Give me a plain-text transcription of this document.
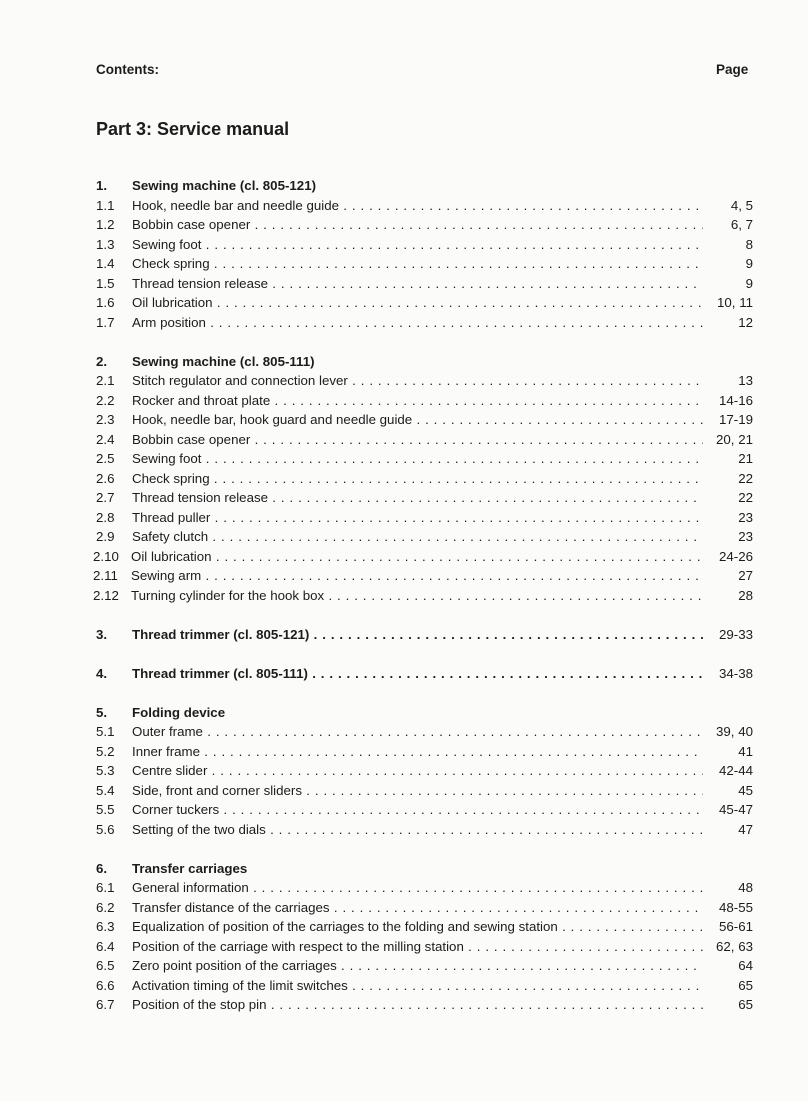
Contents:	Page
Part 3: Service manual
1. Sewing machine (cl. 805-121)
1.1 Hook, needle bar and needle guide . . .	4, 5
1.2 Bobbin case opener . . .	6, 7
1.3 Sewing foot . . .	8
1.4 Check spring . . .	9
1.5 Thread tension release . . .	9
1.6 Oil lubrication . . .	10, 11
1.7 Arm position . . .	12
2. Sewing machine (cl. 805-111)
2.1 Stitch regulator and connection lever . . .	13
2.2 Rocker and throat plate . . .	14-16
2.3 Hook, needle bar, hook guard and needle guide . . .	17-19
2.4 Bobbin case opener . . .	20, 21
2.5 Sewing foot . . .	21
2.6 Check spring . . .	22
2.7 Thread tension release . . .	22
2.8 Thread puller . . .	23
2.9 Safety clutch . . .	23
2.10 Oil lubrication . . .	24-26
2.11 Sewing arm . . .	27
2.12 Turning cylinder for the hook box . . .	28
3. Thread trimmer (cl. 805-121) . . .	29-33
4. Thread trimmer (cl. 805-111) . . .	34-38
5. Folding device
5.1 Outer frame . . .	39, 40
5.2 Inner frame . . .	41
5.3 Centre slider . . .	42-44
5.4 Side, front and corner sliders . . .	45
5.5 Corner tuckers . . .	45-47
5.6 Setting of the two dials . . .	47
6. Transfer carriages
6.1 General information . . .	48
6.2 Transfer distance of the carriages . . .	48-55
6.3 Equalization of position of the carriages to the folding and sewing station . . .	56-61
6.4 Position of the carriage with respect to the milling station . . .	62, 63
6.5 Zero point position of the carriages . . .	64
6.6 Activation timing of the limit switches . . .	65
6.7 Position of the stop pin . . .	65
